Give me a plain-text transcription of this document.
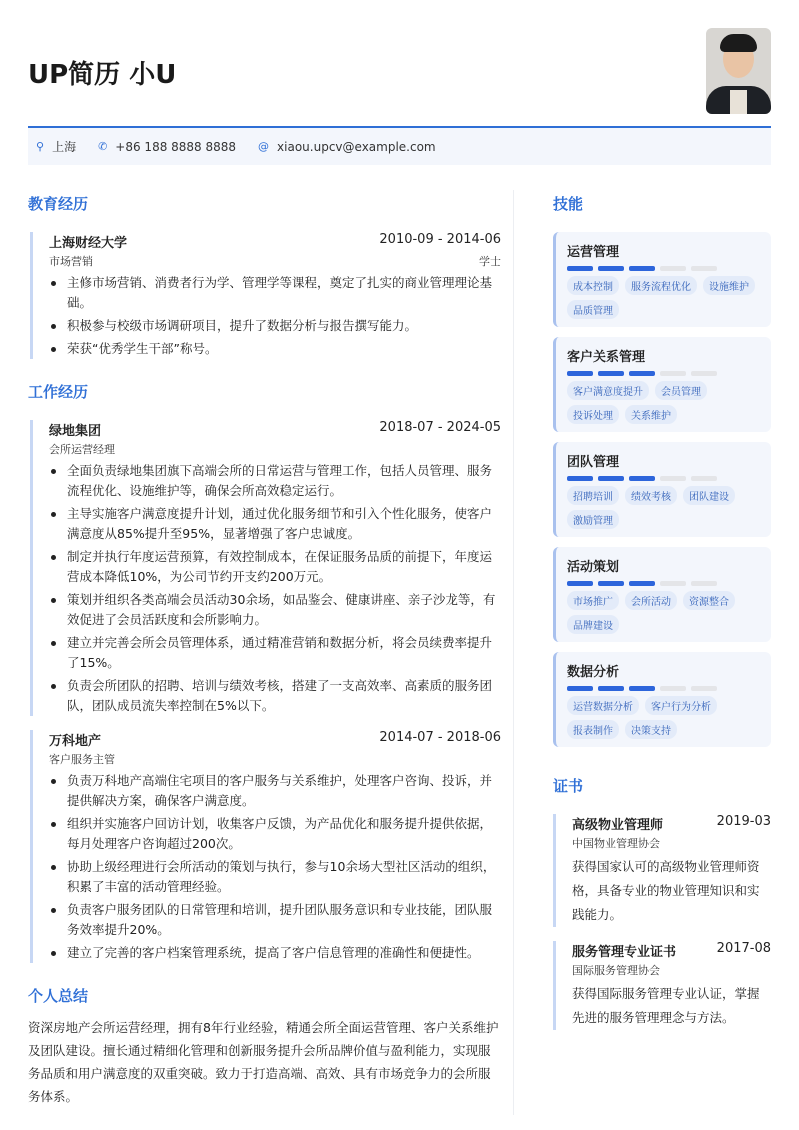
UP简历 小U
⚲ 上海 ✆ +86 188 8888 8888 @ xiaou.upcv@example.com
教育经历
上海财经大学	2010-09 - 2014-06
市场营销	学士
主修市场营销、消费者行为学、管理学等课程，奠定了扎实的商业管理理论基础。
积极参与校级市场调研项目，提升了数据分析与报告撰写能力。
荣获“优秀学生干部”称号。
工作经历
绿地集团	2018-07 - 2024-05
会所运营经理
全面负责绿地集团旗下高端会所的日常运营与管理工作，包括人员管理、服务流程优化、设施维护等，确保会所高效稳定运行。
主导实施客户满意度提升计划，通过优化服务细节和引入个性化服务，使客户满意度从85%提升至95%，显著增强了客户忠诚度。
制定并执行年度运营预算，有效控制成本，在保证服务品质的前提下，年度运营成本降低10%，为公司节约开支约200万元。
策划并组织各类高端会员活动30余场，如品鉴会、健康讲座、亲子沙龙等，有效促进了会员活跃度和会所影响力。
建立并完善会所会员管理体系，通过精准营销和数据分析，将会员续费率提升了15%。
负责会所团队的招聘、培训与绩效考核，搭建了一支高效率、高素质的服务团队，团队成员流失率控制在5%以下。
万科地产	2014-07 - 2018-06
客户服务主管
负责万科地产高端住宅项目的客户服务与关系维护，处理客户咨询、投诉，并提供解决方案，确保客户满意度。
组织并实施客户回访计划，收集客户反馈，为产品优化和服务提升提供依据，每月处理客户咨询超过200次。
协助上级经理进行会所活动的策划与执行，参与10余场大型社区活动的组织，积累了丰富的活动管理经验。
负责客户服务团队的日常管理和培训，提升团队服务意识和专业技能，团队服务效率提升20%。
建立了完善的客户档案管理系统，提高了客户信息管理的准确性和便捷性。
个人总结
资深房地产会所运营经理，拥有8年行业经验，精通会所全面运营管理、客户关系维护及团队建设。擅长通过精细化管理和创新服务提升会所品牌价值与盈利能力，实现服务品质和用户满意度的双重突破。致力于打造高端、高效、具有市场竞争力的会所服务体系。
技能
运营管理
成本控制	服务流程优化	设施维护
品质管理
客户关系管理
客户满意度提升	会员管理
投诉处理	关系维护
团队管理
招聘培训	绩效考核	团队建设
激励管理
活动策划
市场推广	会所活动	资源整合
品牌建设
数据分析
运营数据分析	客户行为分析
报表制作	决策支持
证书
高级物业管理师	2019-03
中国物业管理协会
获得国家认可的高级物业管理师资格，具备专业的物业管理知识和实践能力。
服务管理专业证书	2017-08
国际服务管理协会
获得国际服务管理专业认证，掌握先进的服务管理理念与方法。
